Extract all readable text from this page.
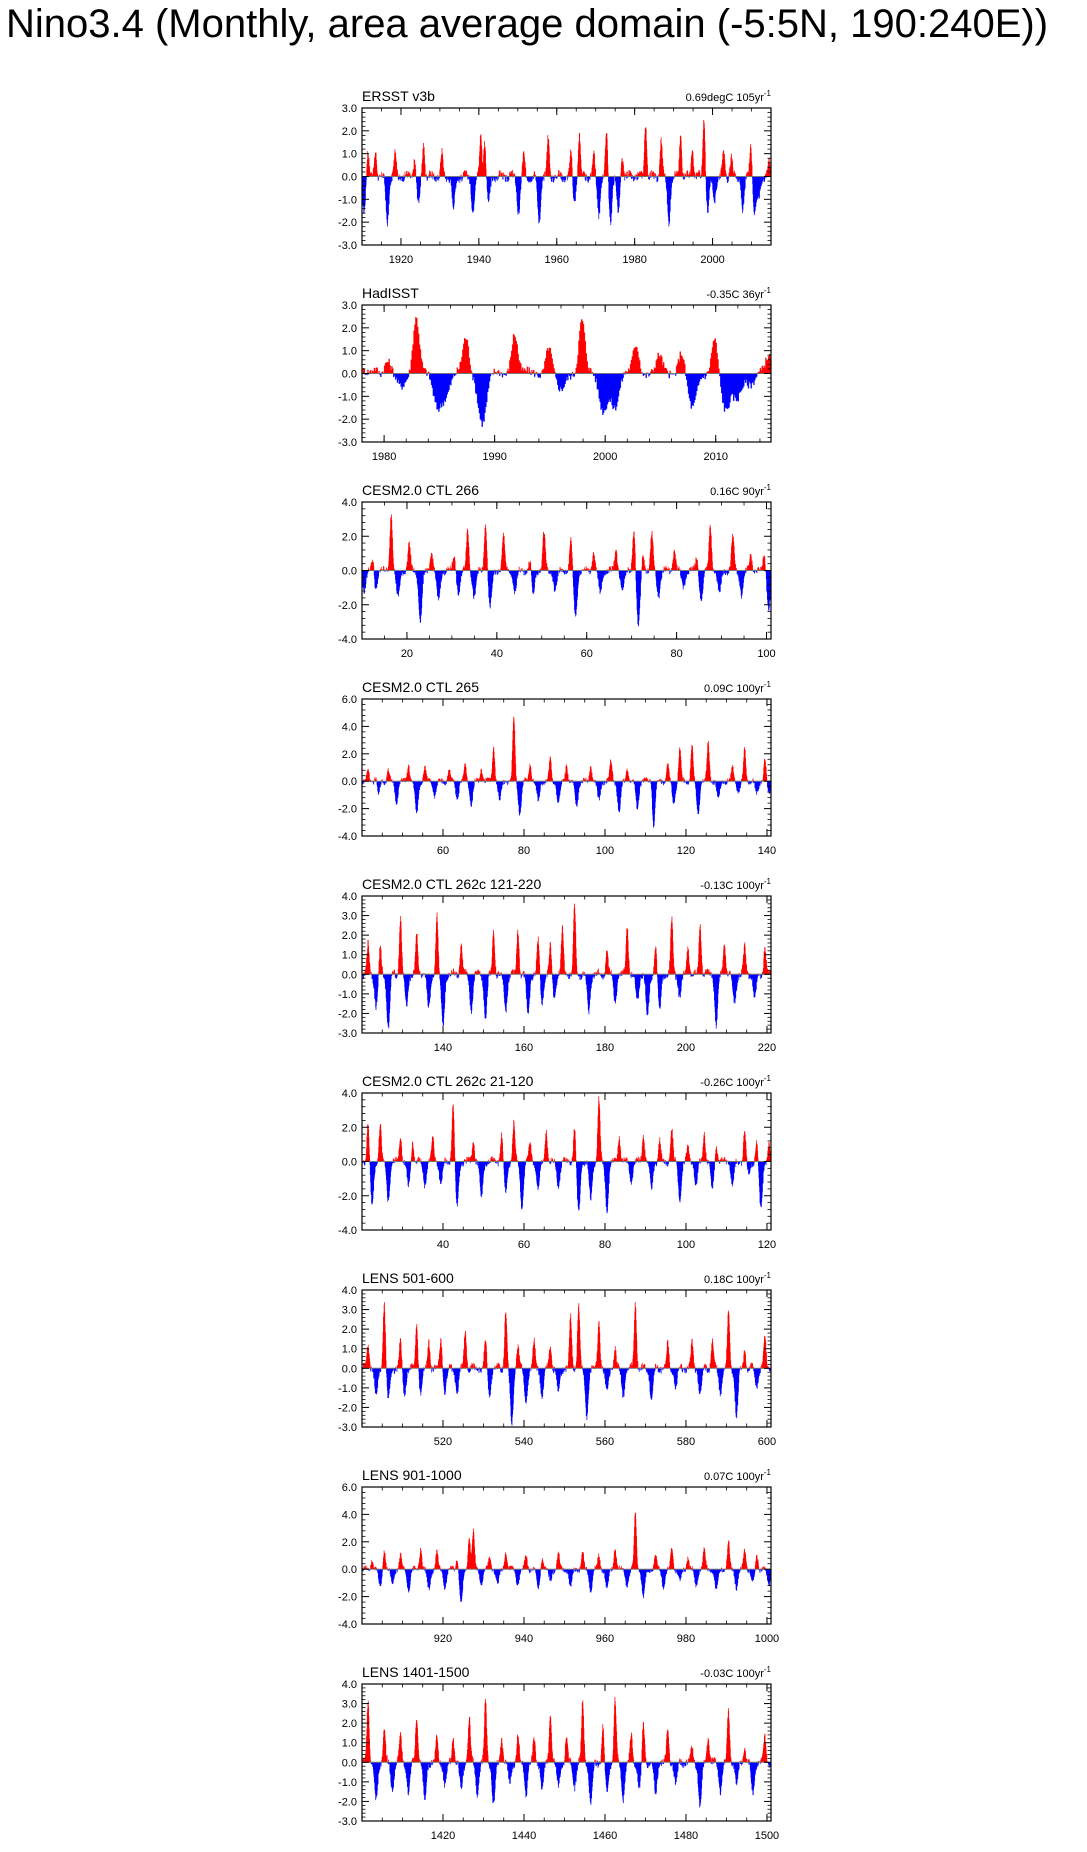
Nino3.4 (Monthly, area average domain (-5:5N, 190:240E))
-3.0
-2.0
-1.0
0.0
1.0
2.0
3.0
1920	1940	1960	1980	2000
ERSST v3b	0.69degC $105yr^{-1}$
-3.0
-2.0
-1.0
0.0
1.0
2.0
3.0
1980	1990	2000	2010
HadISST	-0.35C $36yr^{-1}$
-4.0
-2.0
0.0
2.0
4.0
20	40	60	80	100
CESM2.0 CTL 266	0.16C $90yr^{-1}$
-4.0
-2.0
0.0
2.0
4.0
6.0
60	80	100	120	140
CESM2.0 CTL 265	0.09C $100yr^{-1}$
-3.0
-2.0
-1.0
0.0
1.0
2.0
3.0
4.0
140	160	180	200	220
CESM2.0 CTL 262c 121-220	-0.13C $100yr^{-1}$
-4.0
-2.0
0.0
2.0
4.0
40	60	80	100	120
CESM2.0 CTL 262c 21-120	-0.26C $100yr^{-1}$
-3.0
-2.0
-1.0
0.0
1.0
2.0
3.0
4.0
520	540	560	580	600
LENS 501-600	0.18C $100yr^{-1}$
-4.0
-2.0
0.0
2.0
4.0
6.0
920	940	960	980	1000
LENS 901-1000	0.07C $100yr^{-1}$
-3.0
-2.0
-1.0
0.0
1.0
2.0
3.0
4.0
1420	1440	1460	1480	1500
LENS 1401-1500	-0.03C $100yr^{-1}$
